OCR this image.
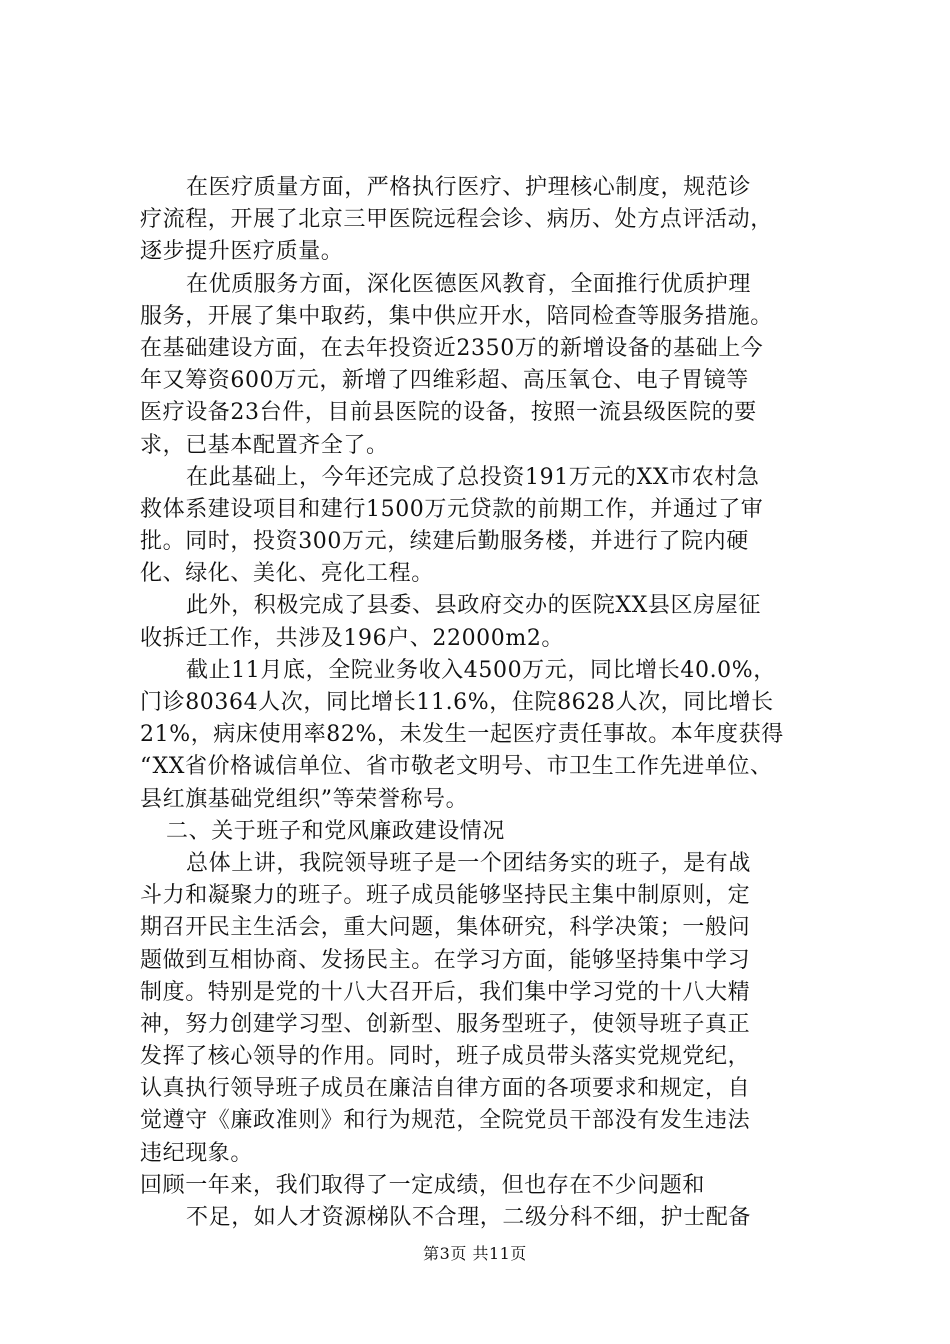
在医疗质量方面，严格执行医疗、护理核心制度，规范诊
疗流程，开展了北京三甲医院远程会诊、病历、处方点评活动，
逐步提升医疗质量。
在优质服务方面，深化医德医风教育，全面推行优质护理
服务，开展了集中取药，集中供应开水，陪同检查等服务措施。
在基础建设方面，在去年投资近2350万的新增设备的基础上今
年又筹资600万元，新增了四维彩超、高压氧仓、电子胃镜等
医疗设备23台件，目前县医院的设备，按照一流县级医院的要
求，已基本配置齐全了。
在此基础上，今年还完成了总投资191万元的XX市农村急
救体系建设项目和建行1500万元贷款的前期工作，并通过了审
批。同时，投资300万元，续建后勤服务楼，并进行了院内硬
化、绿化、美化、亮化工程。
此外，积极完成了县委、县政府交办的医院XX县区房屋征
收拆迁工作，共涉及196户、22000m2。
截止11月底，全院业务收入4500万元，同比增长40.0%，
门诊80364人次，同比增长11.6%，住院8628人次，同比增长
21%，病床使用率82%，未发生一起医疗责任事故。本年度获得
“XX省价格诚信单位、省市敬老文明号、市卫生工作先进单位、
县红旗基础党组织”等荣誉称号。
二、关于班子和党风廉政建设情况
总体上讲，我院领导班子是一个团结务实的班子，是有战
斗力和凝聚力的班子。班子成员能够坚持民主集中制原则，定
期召开民主生活会，重大问题，集体研究，科学决策；一般问
题做到互相协商、发扬民主。在学习方面，能够坚持集中学习
制度。特别是党的十八大召开后，我们集中学习党的十八大精
神，努力创建学习型、创新型、服务型班子，使领导班子真正
发挥了核心领导的作用。同时，班子成员带头落实党规党纪，
认真执行领导班子成员在廉洁自律方面的各项要求和规定，自
觉遵守《廉政准则》和行为规范，全院党员干部没有发生违法
违纪现象。
回顾一年来，我们取得了一定成绩，但也存在不少问题和
不足，如人才资源梯队不合理，二级分科不细，护士配备
第3页 共11页
